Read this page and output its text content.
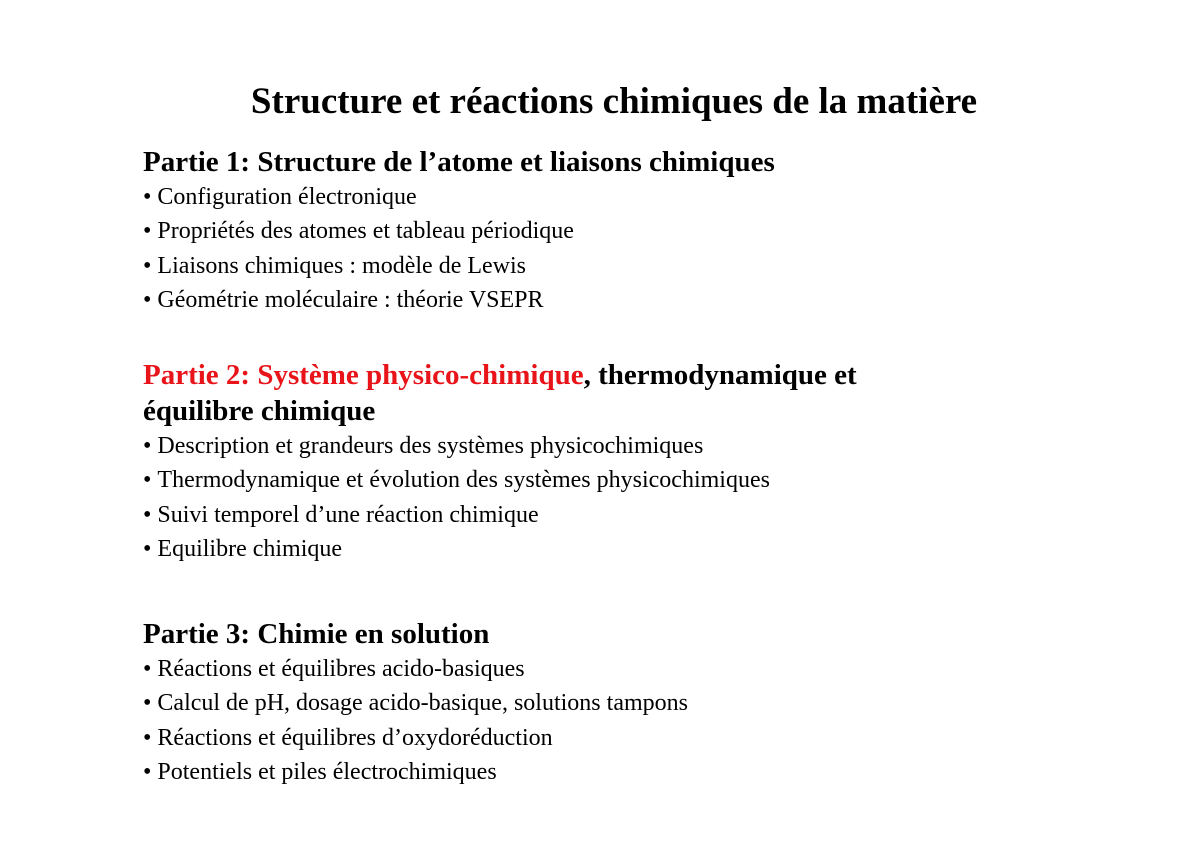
Structure et réactions chimiques de la matière
Partie 1: Structure de l’atome et liaisons chimiques
• Configuration électronique
• Propriétés des atomes et tableau périodique
• Liaisons chimiques : modèle de Lewis
• Géométrie moléculaire : théorie VSEPR
Partie 2: Système physico-chimique, thermodynamique et
équilibre chimique
• Description et grandeurs des systèmes physicochimiques
• Thermodynamique et évolution des systèmes physicochimiques
• Suivi temporel d’une réaction chimique
• Equilibre chimique
Partie 3: Chimie en solution
• Réactions et équilibres acido-basiques
• Calcul de pH, dosage acido-basique, solutions tampons
• Réactions et équilibres d’oxydoréduction
• Potentiels et piles électrochimiques
